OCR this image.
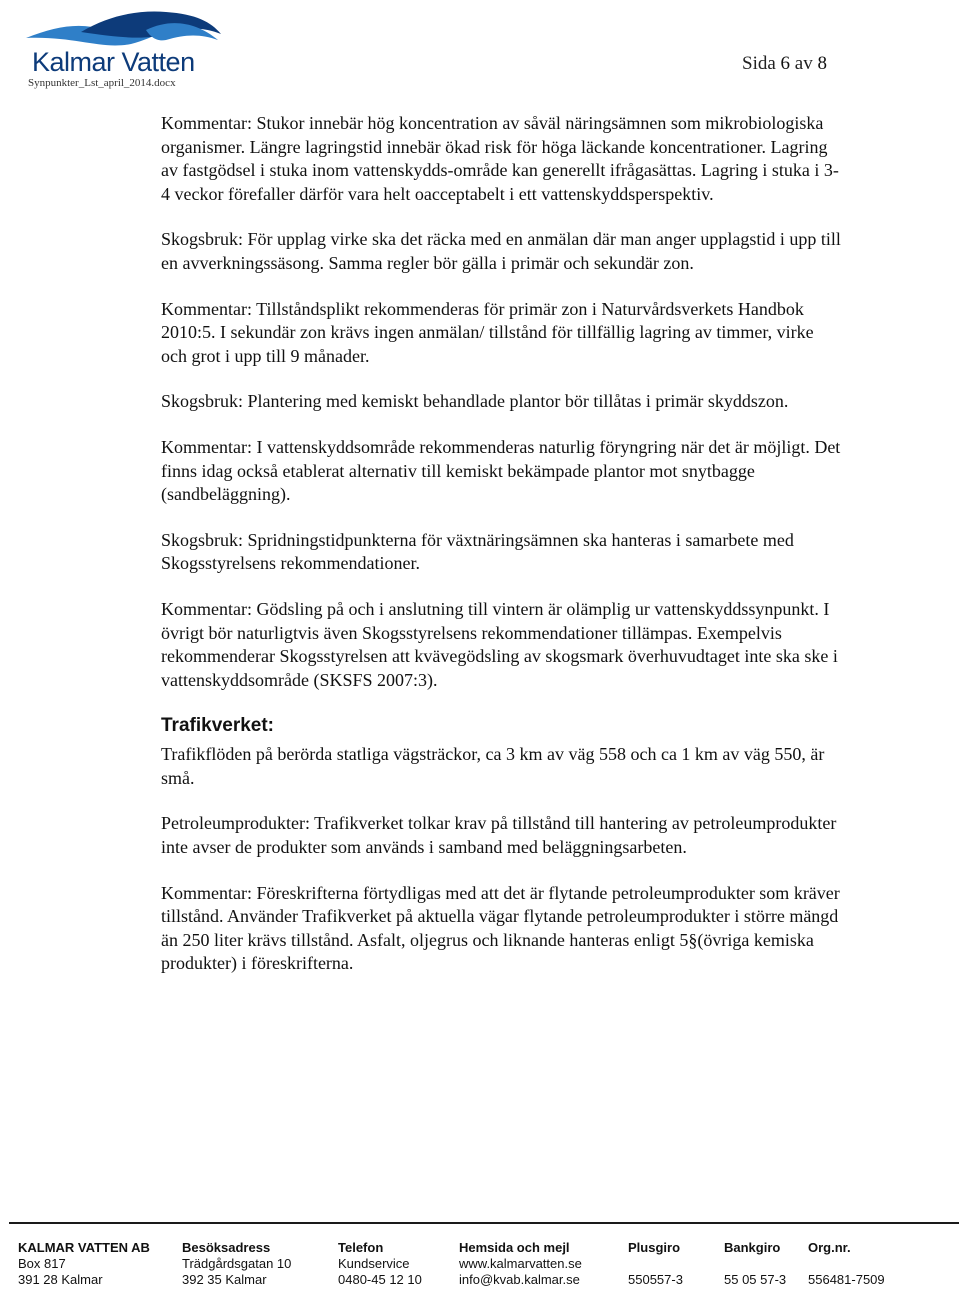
Kalmar Vatten
Synpunkter_Lst_april_2014.docx
Sida 6 av 8

Kommentar: Stukor innebär hög koncentration av såväl näringsämnen som mikrobiologiska organismer. Längre lagringstid innebär ökad risk för höga läckande koncentrationer. Lagring av fastgödsel i stuka inom vattenskydds-område kan generellt ifrågasättas. Lagring i stuka i 3-4 veckor förefaller därför vara helt oacceptabelt i ett vattenskyddsperspektiv.

Skogsbruk: För upplag virke ska det räcka med en anmälan där man anger upplagstid i upp till en avverkningssäsong. Samma regler bör gälla i primär och sekundär zon.

Kommentar: Tillståndsplikt rekommenderas för primär zon i Naturvårdsverkets Handbok 2010:5. I sekundär zon krävs ingen anmälan/ tillstånd för tillfällig lagring av timmer, virke och grot i upp till 9 månader.

Skogsbruk: Plantering med kemiskt behandlade plantor bör tillåtas i primär skyddszon.

Kommentar: I vattenskyddsområde rekommenderas naturlig föryngring när det är möjligt. Det finns idag också etablerat alternativ till kemiskt bekämpade plantor mot snytbagge (sandbeläggning).

Skogsbruk: Spridningstidpunkterna för växtnäringsämnen ska hanteras i samarbete med Skogsstyrelsens rekommendationer.

Kommentar: Gödsling på och i anslutning till vintern är olämplig ur vattenskyddssynpunkt. I övrigt bör naturligtvis även Skogsstyrelsens rekommendationer tillämpas. Exempelvis rekommenderar Skogsstyrelsen att kvävegödsling av skogsmark överhuvudtaget inte ska ske i vattenskyddsområde (SKSFS 2007:3).

Trafikverket:

Trafikflöden på berörda statliga vägsträckor, ca 3 km av väg 558 och ca 1 km av väg 550, är små.

Petroleumprodukter: Trafikverket tolkar krav på tillstånd till hantering av petroleumprodukter inte avser de produkter som används i samband med beläggningsarbeten.

Kommentar: Föreskrifterna förtydligas med att det är flytande petroleumprodukter som kräver tillstånd. Använder Trafikverket på aktuella vägar flytande petroleumprodukter i större mängd än 250 liter krävs tillstånd. Asfalt, oljegrus och liknande hanteras enligt 5§(övriga kemiska produkter) i föreskrifterna.

KALMAR VATTEN AB
Box 817
391 28 Kalmar
Besöksadress
Trädgårdsgatan 10
392 35 Kalmar
Telefon
Kundservice
0480-45 12 10
Hemsida och mejl
www.kalmarvatten.se
info@kvab.kalmar.se
Plusgiro

550557-3
Bankgiro

55 05 57-3
Org.nr.

556481-7509
